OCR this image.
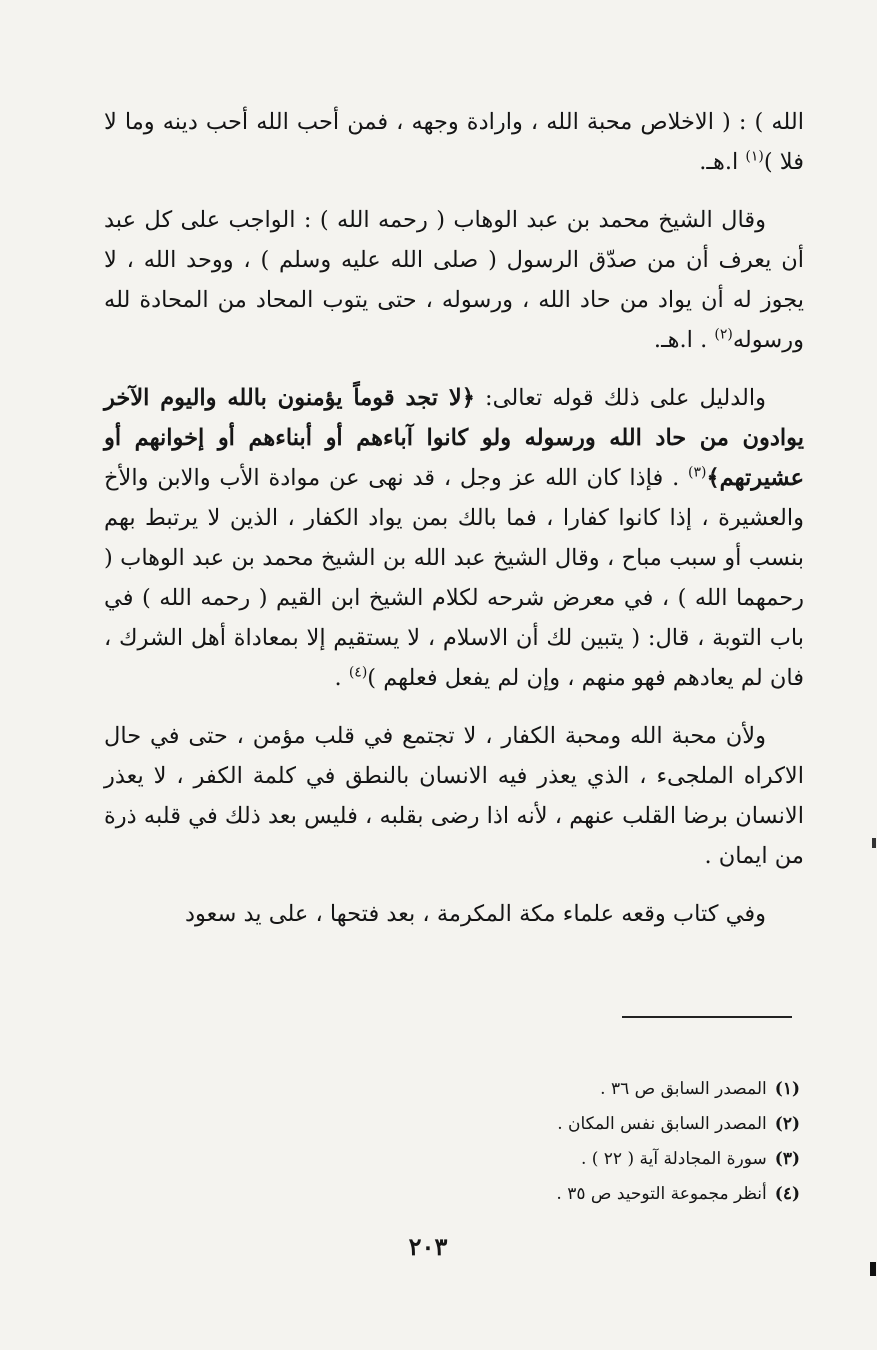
الله ) : ( الاخلاص محبة الله ، وارادة وجهه ، فمن أحب الله أحب دينه وما لا فلا )$^{(١)}$ ا.هـ.

وقال الشيخ محمد بن عبد الوهاب ( رحمه الله ) : الواجب على كل عبد أن يعرف أن من صدّق الرسول ( صلى الله عليه وسلم ) ، ووحد الله ، لا يجوز له أن يواد من حاد الله ، ورسوله ، حتى يتوب المحاد من المحادة لله ورسوله$^{(٢)}$ . ا.هـ.

والدليل على ذلك قوله تعالى: ﴿لا تجد قوماً يؤمنون بالله واليوم الآخر يوادون من حاد الله ورسوله ولو كانوا آباءهم أو أبناءهم أو إخوانهم أو عشيرتهم﴾$^{(٣)}$ . فإذا كان الله عز وجل ، قد نهى عن موادة الأب والابن والأخ والعشيرة ، إذا كانوا كفارا ، فما بالك بمن يواد الكفار ، الذين لا يرتبط بهم بنسب أو سبب مباح ، وقال الشيخ عبد الله بن الشيخ محمد بن عبد الوهاب ( رحمهما الله ) ، في معرض شرحه لكلام الشيخ ابن القيم ( رحمه الله ) في باب التوبة ، قال: ( يتبين لك أن الاسلام ، لا يستقيم إلا بمعاداة أهل الشرك ، فان لم يعادهم فهو منهم ، وإن لم يفعل فعلهم )$^{(٤)}$ .

ولأن محبة الله ومحبة الكفار ، لا تجتمع في قلب مؤمن ، حتى في حال الاكراه الملجىء ، الذي يعذر فيه الانسان بالنطق في كلمة الكفر ، لا يعذر الانسان برضا القلب عنهم ، لأنه اذا رضى بقلبه ، فليس بعد ذلك في قلبه ذرة من ايمان .

وفي كتاب وقعه علماء مكة المكرمة ، بعد فتحها ، على يد سعود

(١)المصدر السابق ص ٣٦ .

(٢)المصدر السابق نفس المكان .

(٣)سورة المجادلة آية ( ٢٢ ) .

(٤)أنظر مجموعة التوحيد ص ٣٥ .

٢٠٣
